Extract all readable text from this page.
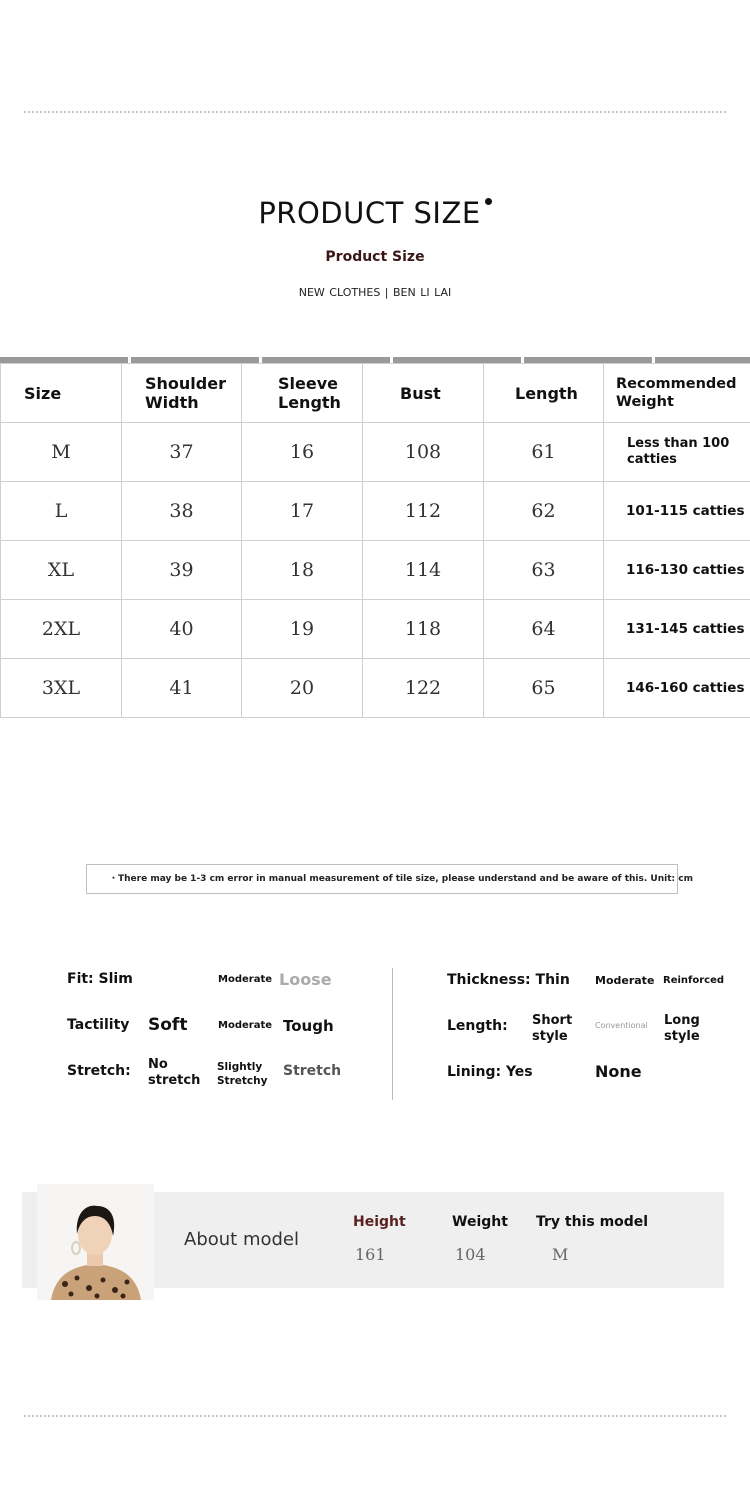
PRODUCT SIZE
Product Size
NEW CLOTHES | BEN LI LAI
Size	Shoulder Width	Sleeve Length	Bust	Length	Recommended Weight
M	37	16	108	61	Less than 100 catties
L	38	17	112	62	101-115 catties
XL	39	18	114	63	116-130 catties
2XL	40	19	118	64	131-145 catties
3XL	41	20	122	65	146-160 catties
・There may be 1-3 cm error in manual measurement of tile size, please understand and be aware of this. Unit: cm
Fit: Slim	Moderate Loose
Tactility Soft	Moderate Tough
Stretch: No
stretch
Slightly
Stretchy
Stretch
Thickness: Thin Moderate Reinforced
Length: Short
style
Conventional Long
style
Lining: Yes	None
About model
Height
161
Weight
104
Try this model
M
